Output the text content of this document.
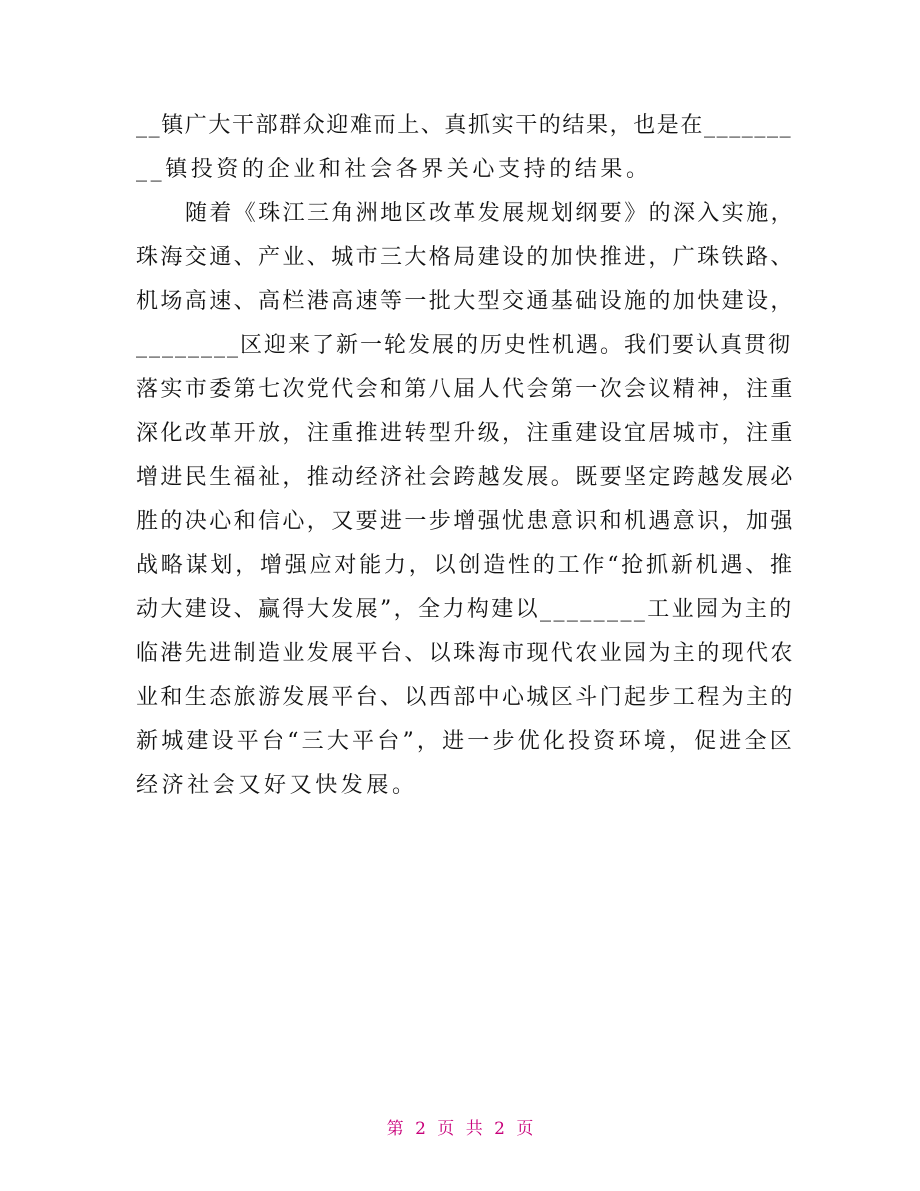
__镇广大干部群众迎难而上、真抓实干的结果，也是在_______
__镇投资的企业和社会各界关心支持的结果。
随着《珠江三角洲地区改革发展规划纲要》的深入实施，
珠海交通、产业、城市三大格局建设的加快推进，广珠铁路、
机场高速、高栏港高速等一批大型交通基础设施的加快建设，
________区迎来了新一轮发展的历史性机遇。我们要认真贯彻
落实市委第七次党代会和第八届人代会第一次会议精神，注重
深化改革开放，注重推进转型升级，注重建设宜居城市，注重
增进民生福祉，推动经济社会跨越发展。既要坚定跨越发展必
胜的决心和信心，又要进一步增强忧患意识和机遇意识，加强
战略谋划，增强应对能力，以创造性的工作“抢抓新机遇、推
动大建设、赢得大发展”，全力构建以________工业园为主的
临港先进制造业发展平台、以珠海市现代农业园为主的现代农
业和生态旅游发展平台、以西部中心城区斗门起步工程为主的
新城建设平台“三大平台”，进一步优化投资环境，促进全区
经济社会又好又快发展。
第 2 页 共 2 页
